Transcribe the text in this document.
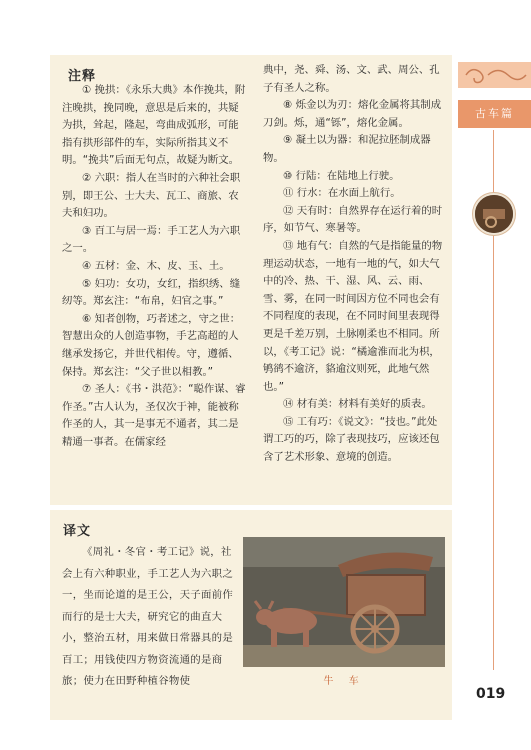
注释

① 挽拱：《永乐大典》本作挽共，附注晚拱，挽同晚，意思是后来的，共疑为拱，耸起，隆起，弯曲成弧形，可能指有拱形部件的车，实际所指其义不明。“挽共”后面无句点，故疑为断文。

② 六职：指人在当时的六种社会职别，即王公、士大夫、瓦工、商旅、农夫和妇功。

③ 百工与居一焉：手工艺人为六职之一。

④ 五材：金、木、皮、玉、土。

⑤ 妇功：女功，女红，指织绣、缝纫等。郑玄注：“布帛，妇官之事。”

⑥ 知者创物，巧者述之，守之世：智慧出众的人创造事物，手艺高超的人继承发扬它，并世代相传。守，遵循、保持。郑玄注：“父子世以相教。”

⑦ 圣人：《书・洪范》：“聪作谋、睿作圣。”古人认为，圣仅次于神，能被称作圣的人，其一是事无不通者，其二是精通一事者。在儒家经

典中，尧、舜、汤、文、武、周公、孔子有圣人之称。

⑧ 烁金以为刃：熔化金属将其制成刀剑。烁，通“铄”，熔化金属。

⑨ 凝土以为器：和泥拉胚制成器物。

⑩ 行陆：在陆地上行驶。

⑪ 行水：在水面上航行。

⑫ 天有时：自然界存在运行着的时序，如节气、寒暑等。

⑬ 地有气：自然的气是指能量的物理运动状态，一地有一地的气，如大气中的冷、热、干、湿、风、云、雨、雪、雾，在同一时间因方位不同也会有不同程度的表现，在不同时间里表现得更是千差万别，土脉刚柔也不相同。所以，《考工记》说：“橘逾淮而北为枳，鸲鹆不逾济，貉逾汶则死，此地气然也。”

⑭ 材有美：材料有美好的质表。

⑮ 工有巧：《说文》：“技也。”此处谓工巧的巧，除了表现技巧，应该还包含了艺术形象、意境的创造。

译文

《周礼・冬官・考工记》说，社会上有六种职业，手工艺人为六职之一，坐而论道的是王公，天子面前作而行的是士大夫，研究它的曲直大小，整治五材，用来做日常器具的是百工；用钱使四方物资流通的是商旅；使力在田野种植谷物使	牛 车
古车篇
019
